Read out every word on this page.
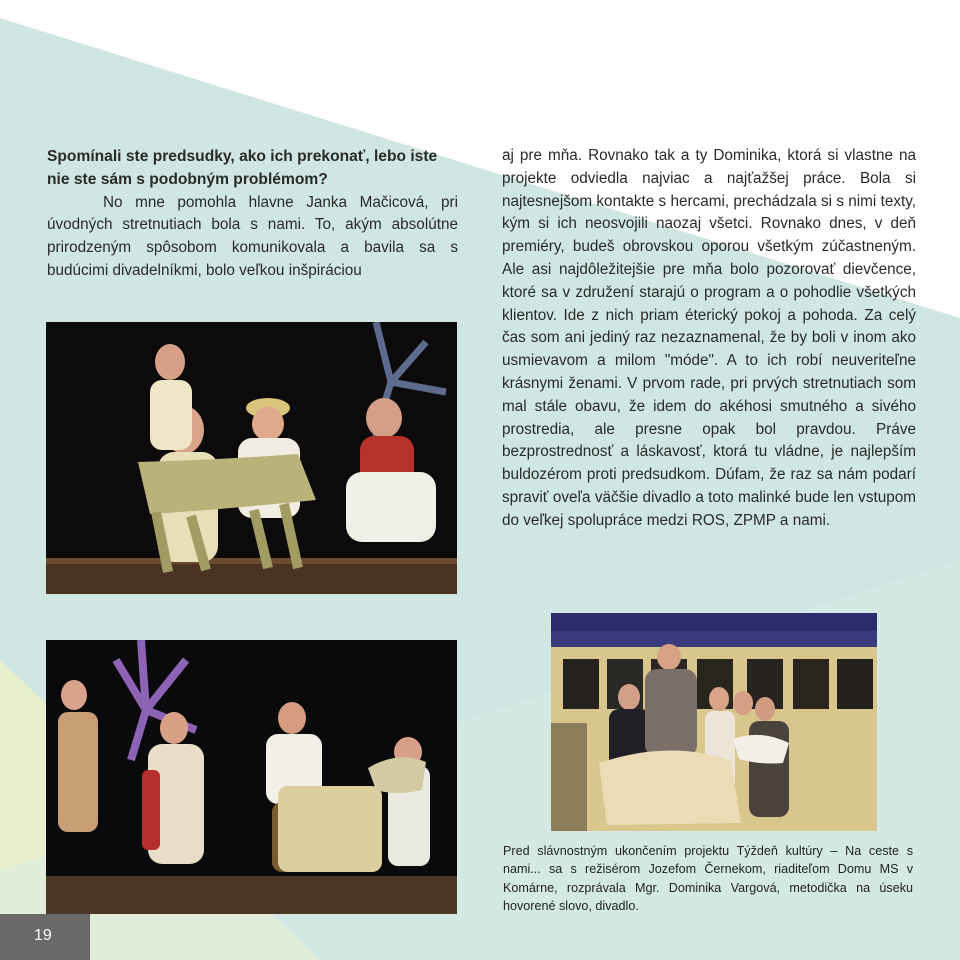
Spomínali ste predsudky, ako ich prekonať, lebo iste nie ste sám s podobným problémom?

No mne pomohla hlavne Janka Mačicová, pri úvodných stretnutiach bola s nami. To, akým absolútne prirodzeným spôsobom komunikovala a bavila sa s budúcimi divadelníkmi, bolo veľkou inšpiráciou

aj pre mňa. Rovnako tak a ty Dominika, ktorá si vlastne na projekte odviedla najviac a najťažšej práce. Bola si najtesnejšom kontakte s hercami, prechádzala si s nimi texty, kým si ich neosvojili naozaj všetci. Rovnako dnes, v deň premiéry, budeš obrovskou oporou všetkým zúčastneným. Ale asi najdôležitejšie pre mňa bolo pozorovať dievčence, ktoré sa v združení starajú o program a o pohodlie všetkých klientov. Ide z nich priam éterický pokoj a pohoda. Za celý čas som ani jediný raz nezaznamenal, že by boli v inom ako usmievavom a milom "móde". A to ich robí neuveriteľne krásnymi ženami. V prvom rade, pri prvých stretnutiach som mal stále obavu, že idem do akéhosi smutného a sivého prostredia, ale presne opak bol pravdou. Práve bezprostrednosť a láskavosť, ktorá tu vládne, je najlepším buldozérom proti predsudkom. Dúfam, že raz sa nám podarí spraviť oveľa väčšie divadlo a toto malinké bude len vstupom do veľkej spolupráce medzi ROS, ZPMP a nami.

Pred slávnostným ukončením projektu Týždeň kultúry – Na ceste s nami... sa s režisérom Jozefom Černekom, riaditeľom Domu MS v Komárne, rozprávala Mgr. Dominika Vargová, metodička na úseku hovorené slovo, divadlo.
19
